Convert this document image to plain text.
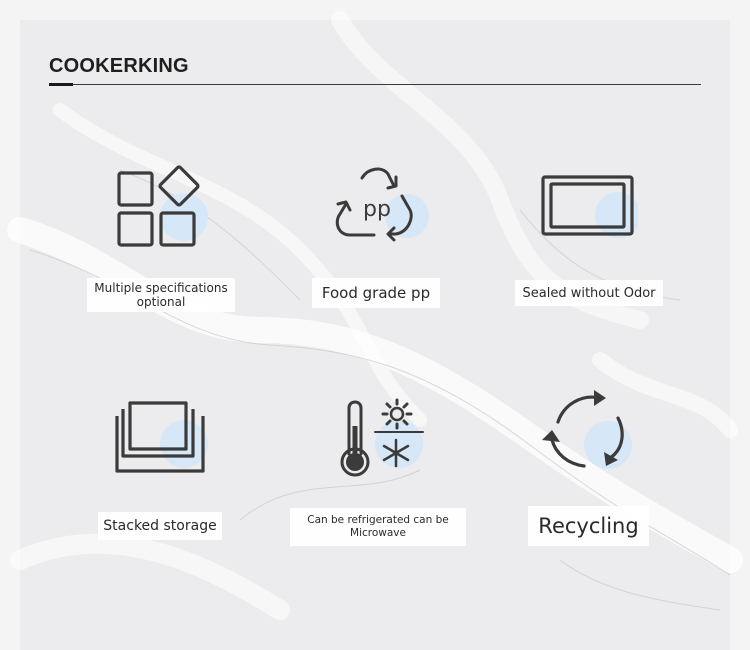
COOKERKING
Multiple specifications optional
pp
Food grade pp	Sealed without Odor
Stacked storage	Can be refrigerated can be Microwave	Recycling
